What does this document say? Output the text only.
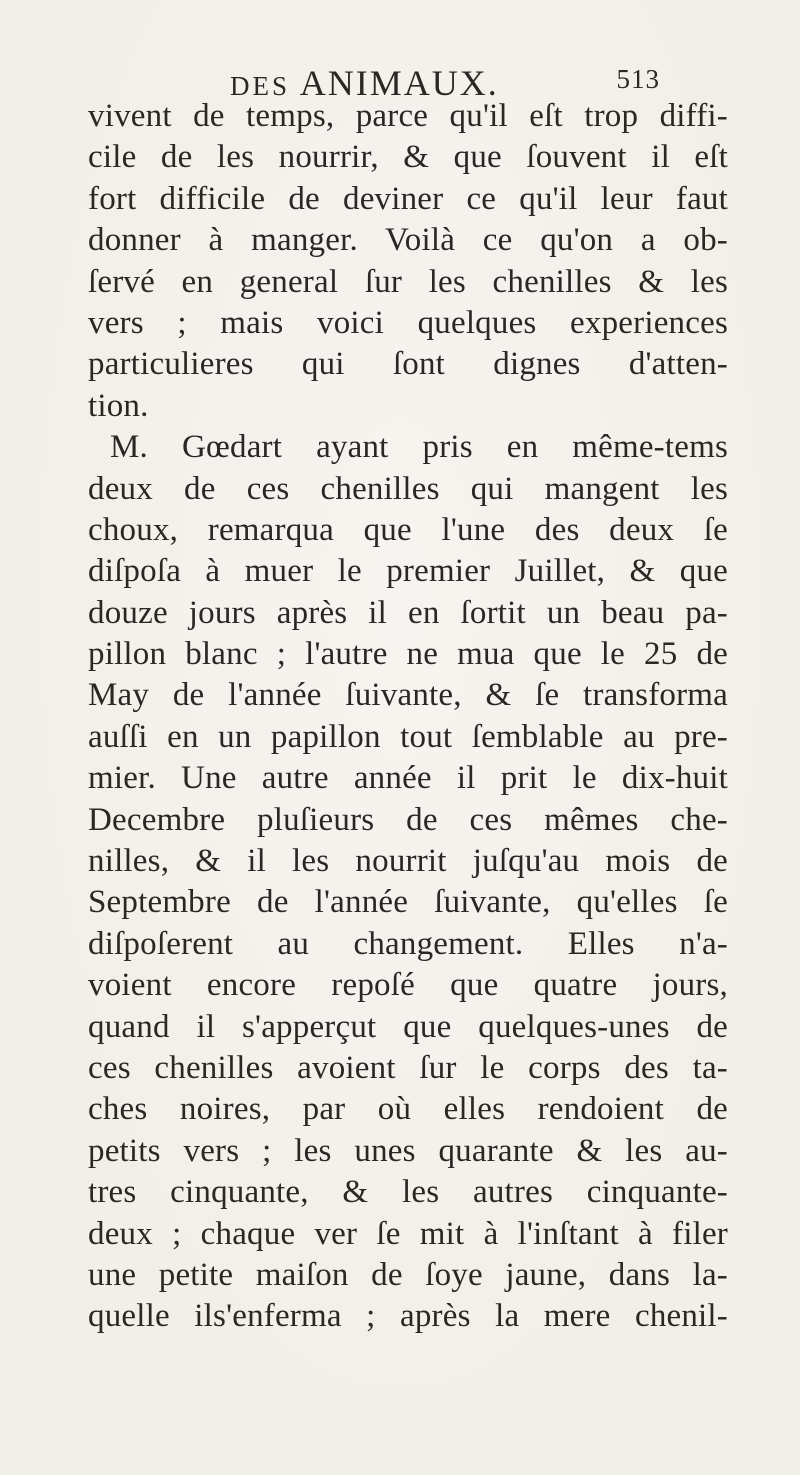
DES ANIMAUX.	513
vivent de temps, parce qu'il eſt trop diffi-
cile de les nourrir, & que ſouvent il eſt
fort difficile de deviner ce qu'il leur faut
donner à manger. Voilà ce qu'on a ob-
ſervé en general ſur les chenilles & les
vers ; mais voici quelques experiences
particulieres qui ſont dignes d'atten-
tion.
M. Gœdart ayant pris en même-tems
deux de ces chenilles qui mangent les
choux, remarqua que l'une des deux ſe
diſpoſa à muer le premier Juillet, & que
douze jours après il en ſortit un beau pa-
pillon blanc ; l'autre ne mua que le 25 de
May de l'année ſuivante, & ſe transforma
auſſi en un papillon tout ſemblable au pre-
mier. Une autre année il prit le dix-huit
Decembre pluſieurs de ces mêmes che-
nilles, & il les nourrit juſqu'au mois de
Septembre de l'année ſuivante, qu'elles ſe
diſpoſerent au changement. Elles n'a-
voient encore repoſé que quatre jours,
quand il s'apperçut que quelques-unes de
ces chenilles avoient ſur le corps des ta-
ches noires, par où elles rendoient de
petits vers ; les unes quarante & les au-
tres cinquante, & les autres cinquante-
deux ; chaque ver ſe mit à l'inſtant à filer
une petite maiſon de ſoye jaune, dans la-
quelle ils'enferma ; après la mere chenil-
